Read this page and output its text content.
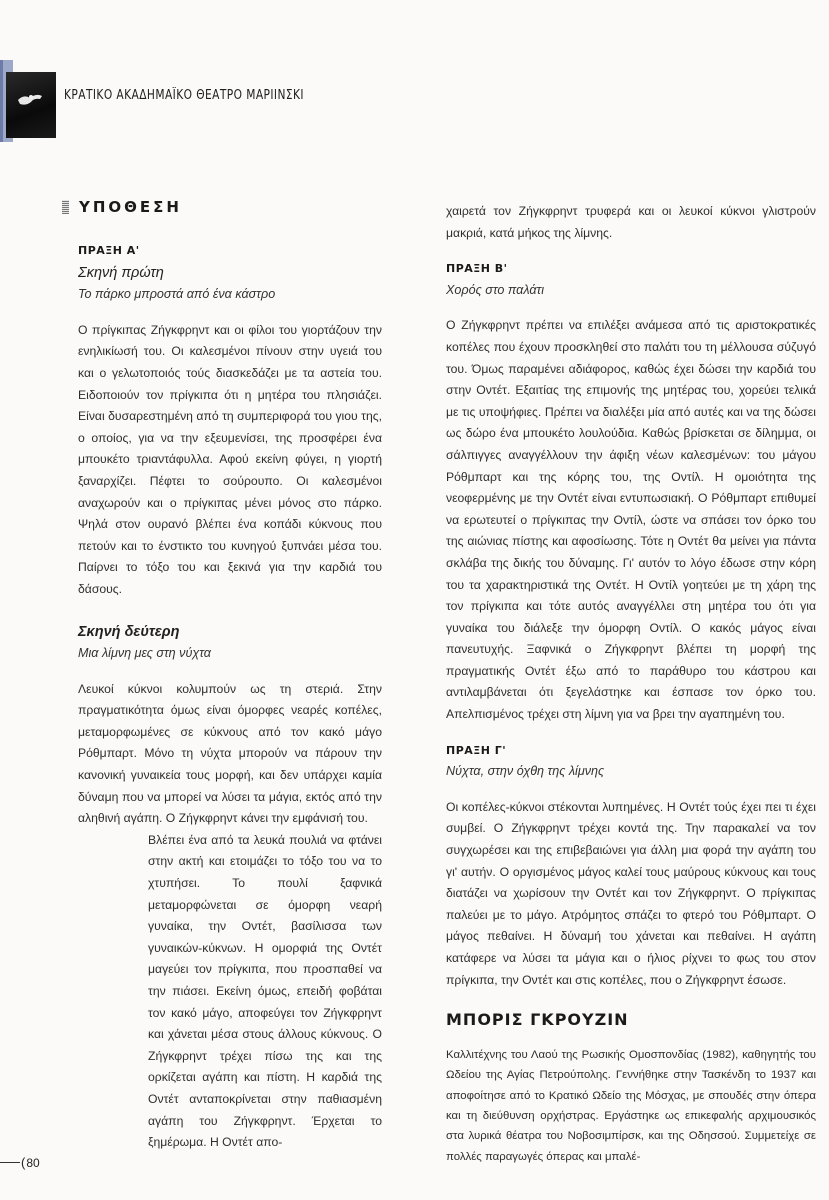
ΚΡΑΤΙΚΟ ΑΚΑΔΗΜΑΪΚΟ ΘΕΑΤΡΟ ΜΑΡΙΙΝΣΚΙ
ΥΠΟΘΕΣΗ
ΠΡΑΞΗ Α'
Σκηνή πρώτη
Το πάρκο μπροστά από ένα κάστρο

Ο πρίγκιπας Ζήγκφρηντ και οι φίλοι του γιορτάζουν την ενηλικίωσή του. Οι καλεσμένοι πίνουν στην υγειά του και ο γελωτοποιός τούς διασκεδάζει με τα αστεία του. Ειδοποιούν τον πρίγκιπα ότι η μητέρα του πλησιάζει. Είναι δυσαρεστημένη από τη συμπεριφορά του γιου της, ο οποίος, για να την εξευμενίσει, της προσφέρει ένα μπουκέτο τριαντάφυλλα. Αφού εκείνη φύγει, η γιορτή ξαναρχίζει. Πέφτει το σούρουπο. Οι καλεσμένοι αναχωρούν και ο πρίγκιπας μένει μόνος στο πάρκο. Ψηλά στον ουρανό βλέπει ένα κοπάδι κύκνους που πετούν και το ένστικτο του κυνηγού ξυπνάει μέσα του. Παίρνει το τόξο του και ξεκινά για την καρδιά του δάσους.

Σκηνή δεύτερη
Μια λίμνη μες στη νύχτα

Λευκοί κύκνοι κολυμπούν ως τη στεριά. Στην πραγματικότητα όμως είναι όμορφες νεαρές κοπέλες, μεταμορφωμένες σε κύκνους από τον κακό μάγο Ρόθμπαρτ. Μόνο τη νύχτα μπορούν να πάρουν την κανονική γυναικεία τους μορφή, και δεν υπάρχει καμία δύναμη που να μπορεί να λύσει τα μάγια, εκτός από την αληθινή αγάπη. Ο Ζήγκφρηντ κάνει την εμφάνισή του.

Βλέπει ένα από τα λευκά πουλιά να φτάνει στην ακτή και ετοιμάζει το τόξο του να το χτυπήσει. Το πουλί ξαφνικά μεταμορφώνεται σε όμορφη νεαρή γυναίκα, την Οντέτ, βασίλισσα των γυναικών-κύκνων. Η ομορφιά της Οντέτ μαγεύει τον πρίγκιπα, που προσπαθεί να την πιάσει. Εκείνη όμως, επειδή φοβάται τον κακό μάγο, αποφεύγει τον Ζήγκφρηντ και χάνεται μέσα στους άλλους κύκνους. Ο Ζήγκφρηντ τρέχει πίσω της και της ορκίζεται αγάπη και πίστη. Η καρδιά της Οντέτ ανταποκρίνεται στην παθιασμένη αγάπη του Ζήγκφρηντ. Έρχεται το ξημέρωμα. Η Οντέτ απο-

χαιρετά τον Ζήγκφρηντ τρυφερά και οι λευκοί κύκνοι γλιστρούν μακριά, κατά μήκος της λίμνης.

ΠΡΑΞΗ Β'
Χορός στο παλάτι

Ο Ζήγκφρηντ πρέπει να επιλέξει ανάμεσα από τις αριστοκρατικές κοπέλες που έχουν προσκληθεί στο παλάτι του τη μέλλουσα σύζυγό του. Όμως παραμένει αδιάφορος, καθώς έχει δώσει την καρδιά του στην Οντέτ. Εξαιτίας της επιμονής της μητέρας του, χορεύει τελικά με τις υποψήφιες. Πρέπει να διαλέξει μία από αυτές και να της δώσει ως δώρο ένα μπουκέτο λουλούδια. Καθώς βρίσκεται σε δίλημμα, οι σάλπιγγες αναγγέλλουν την άφιξη νέων καλεσμένων: του μάγου Ρόθμπαρτ και της κόρης του, της Οντίλ. Η ομοιότητα της νεοφερμένης με την Οντέτ είναι εντυπωσιακή. Ο Ρόθμπαρτ επιθυμεί να ερωτευτεί ο πρίγκιπας την Οντίλ, ώστε να σπάσει τον όρκο του της αιώνιας πίστης και αφοσίωσης. Τότε η Οντέτ θα μείνει για πάντα σκλάβα της δικής του δύναμης. Γι' αυτόν το λόγο έδωσε στην κόρη του τα χαρακτηριστικά της Οντέτ. Η Οντίλ γοητεύει με τη χάρη της τον πρίγκιπα και τότε αυτός αναγγέλλει στη μητέρα του ότι για γυναίκα του διάλεξε την όμορφη Οντίλ. Ο κακός μάγος είναι πανευτυχής. Ξαφνικά ο Ζήγκφρηντ βλέπει τη μορφή της πραγματικής Οντέτ έξω από το παράθυρο του κάστρου και αντιλαμβάνεται ότι ξεγελάστηκε και έσπασε τον όρκο του. Απελπισμένος τρέχει στη λίμνη για να βρει την αγαπημένη του.

ΠΡΑΞΗ Γ'
Νύχτα, στην όχθη της λίμνης

Οι κοπέλες-κύκνοι στέκονται λυπημένες. Η Οντέτ τούς έχει πει τι έχει συμβεί. Ο Ζήγκφρηντ τρέχει κοντά της. Την παρακαλεί να τον συγχωρέσει και της επιβεβαιώνει για άλλη μια φορά την αγάπη του γι' αυτήν. Ο οργισμένος μάγος καλεί τους μαύρους κύκνους και τους διατάζει να χωρίσουν την Οντέτ και τον Ζήγκφρηντ. Ο πρίγκιπας παλεύει με το μάγο. Ατρόμητος σπάζει το φτερό του Ρόθμπαρτ. Ο μάγος πεθαίνει. Η δύναμή του χάνεται και πεθαίνει. Η αγάπη κατάφερε να λύσει τα μάγια και ο ήλιος ρίχνει το φως του στον πρίγκιπα, την Οντέτ και στις κοπέλες, που ο Ζήγκφρηντ έσωσε.

ΜΠΟΡΙΣ ΓΚΡΟΥΖΙΝ

Καλλιτέχνης του Λαού της Ρωσικής Ομοσπονδίας (1982), καθηγητής του Ωδείου της Αγίας Πετρούπολης. Γεννήθηκε στην Τασκένδη το 1937 και αποφοίτησε από το Κρατικό Ωδείο της Μόσχας, με σπουδές στην όπερα και τη διεύθυνση ορχήστρας. Εργάστηκε ως επικεφαλής αρχιμουσικός στα λυρικά θέατρα του Νοβοσιμπίρσκ, και της Οδησσού. Συμμετείχε σε πολλές παραγωγές όπερας και μπαλέ-

( 80
